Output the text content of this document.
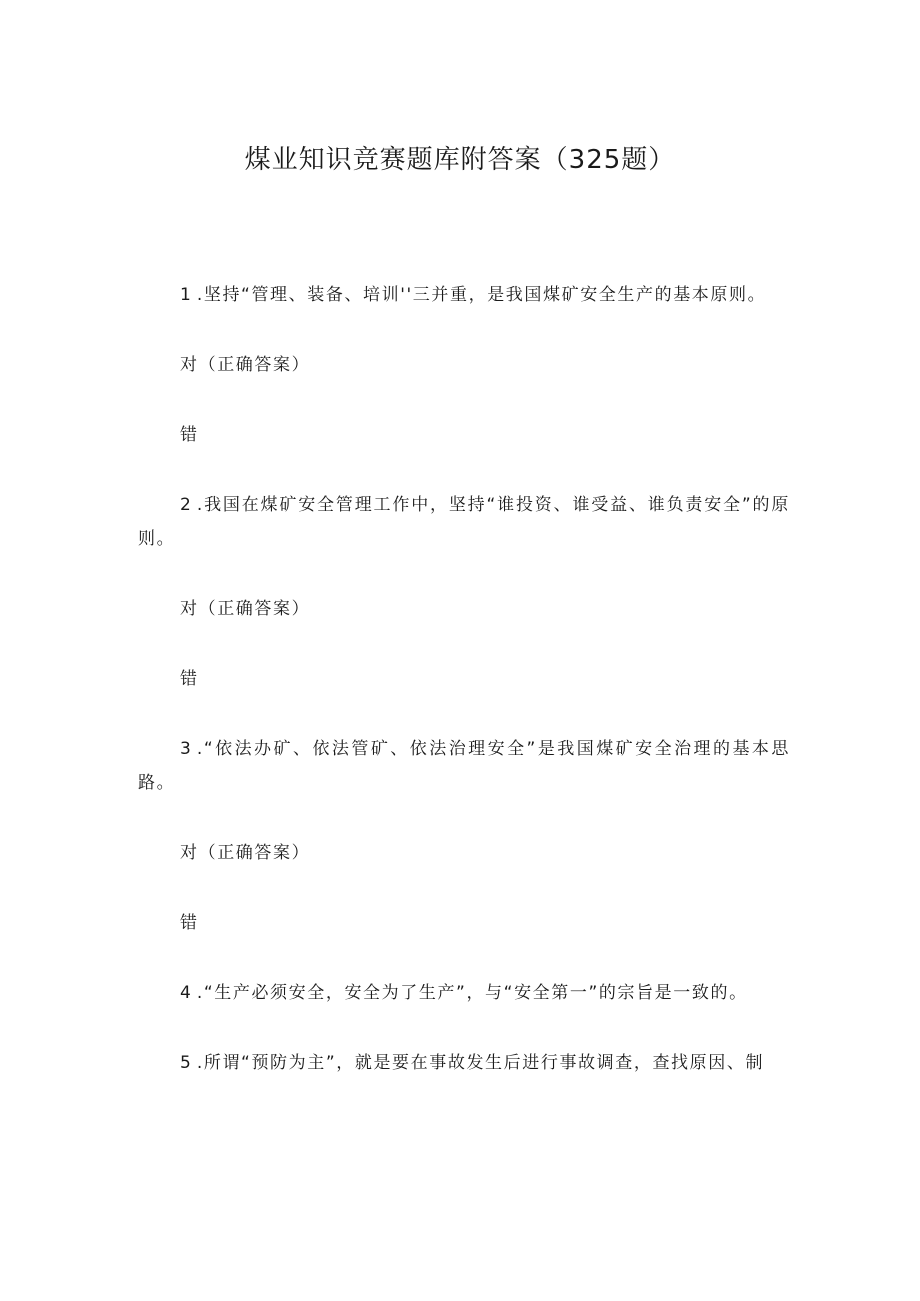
煤业知识竞赛题库附答案（325题）

1.坚持“管理、装备、培训''三并重，是我国煤矿安全生产的基本原则。

对（正确答案）

错

2.我国在煤矿安全管理工作中，坚持“谁投资、谁受益、谁负责安全”的原则。

对（正确答案）

错

3.“依法办矿、依法管矿、依法治理安全”是我国煤矿安全治理的基本思路。

对（正确答案）

错

4.“生产必须安全，安全为了生产”，与“安全第一”的宗旨是一致的。

5.所谓“预防为主”，就是要在事故发生后进行事故调查，查找原因、制
